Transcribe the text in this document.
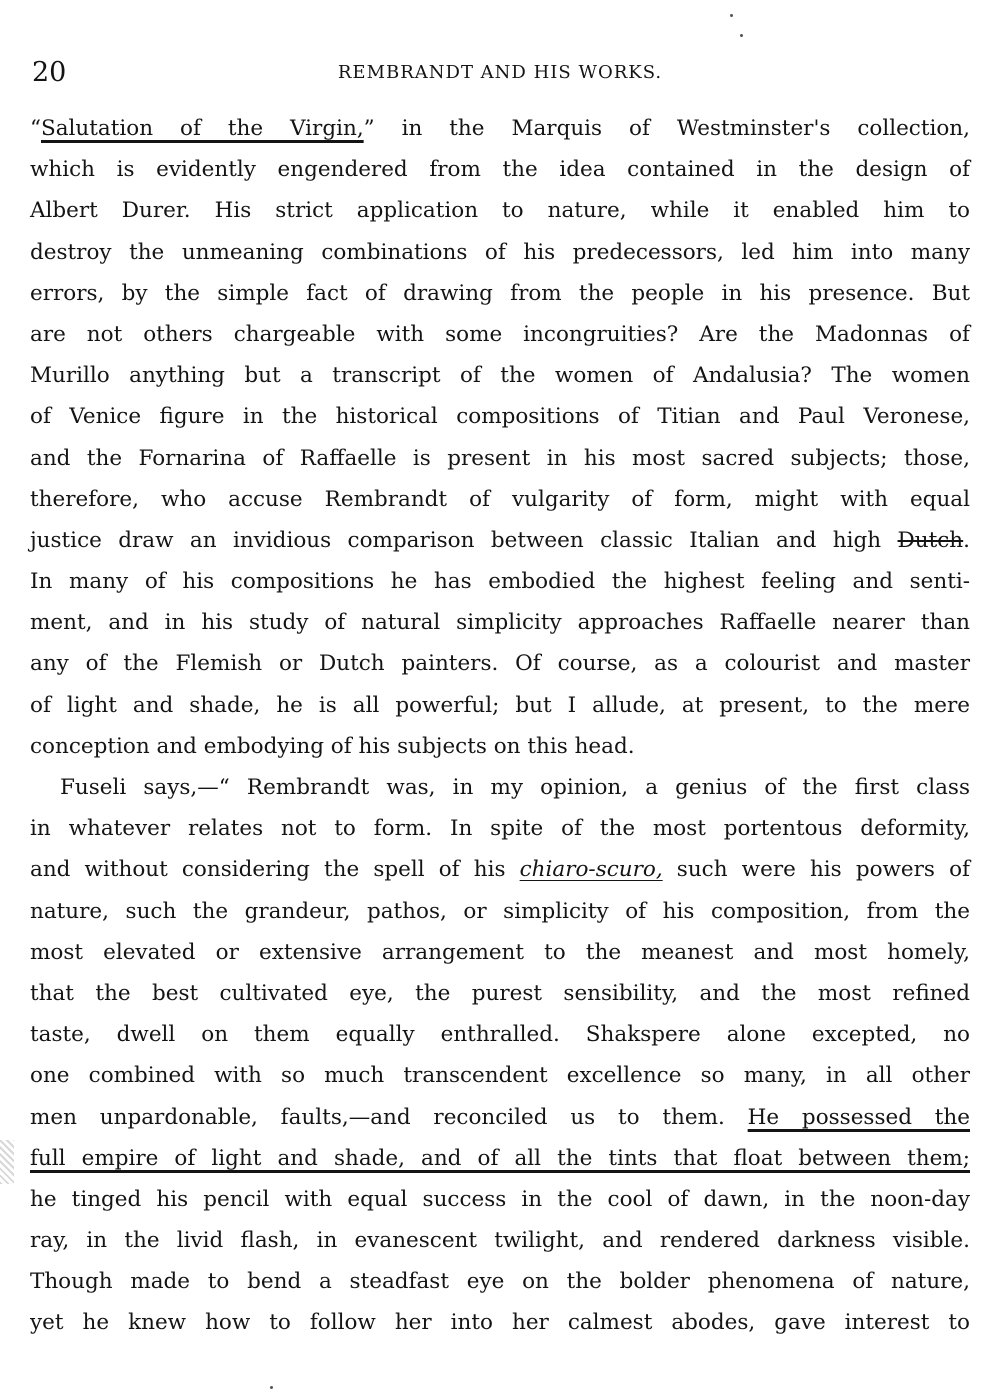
20	REMBRANDT AND HIS WORKS.
“Salutation of the Virgin,” in the Marquis of Westminster's collection,
which is evidently engendered from the idea contained in the design of
Albert Durer. His strict application to nature, while it enabled him to
destroy the unmeaning combinations of his predecessors, led him into many
errors, by the simple fact of drawing from the people in his presence. But
are not others chargeable with some incongruities? Are the Madonnas of
Murillo anything but a transcript of the women of Andalusia? The women
of Venice figure in the historical compositions of Titian and Paul Veronese,
and the Fornarina of Raffaelle is present in his most sacred subjects; those,
therefore, who accuse Rembrandt of vulgarity of form, might with equal
justice draw an invidious comparison between classic Italian and high Dutch.
In many of his compositions he has embodied the highest feeling and senti-
ment, and in his study of natural simplicity approaches Raffaelle nearer than
any of the Flemish or Dutch painters. Of course, as a colourist and master
of light and shade, he is all powerful; but I allude, at present, to the mere
conception and embodying of his subjects on this head.
Fuseli says,—“ Rembrandt was, in my opinion, a genius of the first class
in whatever relates not to form. In spite of the most portentous deformity,
and without considering the spell of his chiaro-scuro, such were his powers of
nature, such the grandeur, pathos, or simplicity of his composition, from the
most elevated or extensive arrangement to the meanest and most homely,
that the best cultivated eye, the purest sensibility, and the most refined
taste, dwell on them equally enthralled. Shakspere alone excepted, no
one combined with so much transcendent excellence so many, in all other
men unpardonable, faults,—and reconciled us to them. He possessed the
full empire of light and shade, and of all the tints that float between them;
he tinged his pencil with equal success in the cool of dawn, in the noon-day
ray, in the livid flash, in evanescent twilight, and rendered darkness visible.
Though made to bend a steadfast eye on the bolder phenomena of nature,
yet he knew how to follow her into her calmest abodes, gave interest to
